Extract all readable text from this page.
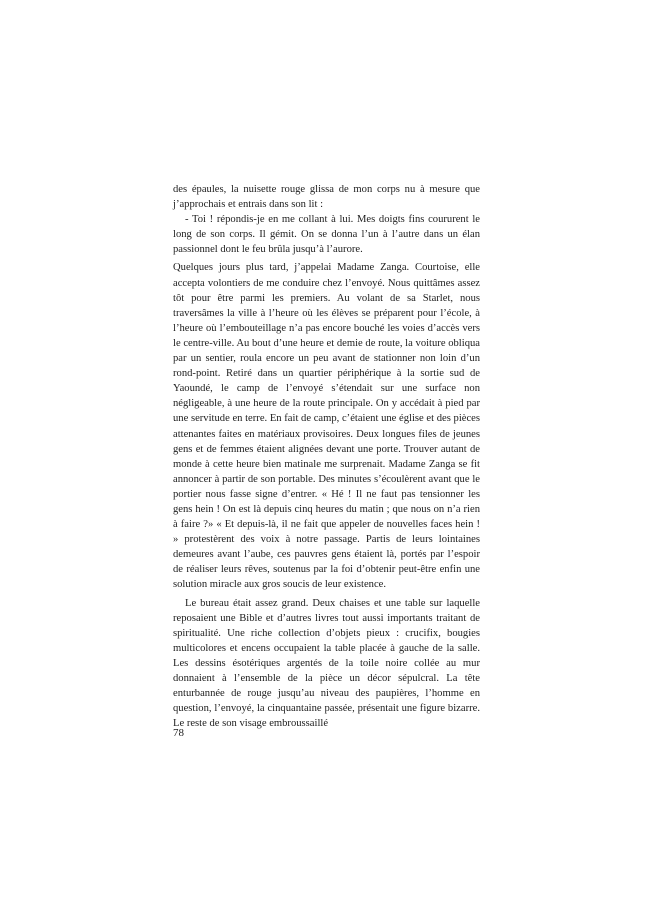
des épaules, la nuisette rouge glissa de mon corps nu à mesure que j’approchais et entrais dans son lit :

- Toi ! répondis-je en me collant à lui. Mes doigts fins coururent le long de son corps. Il gémit. On se donna l’un à l’autre dans un élan passionnel dont le feu brûla jusqu’à l’aurore.

Quelques jours plus tard, j’appelai Madame Zanga. Courtoise, elle accepta volontiers de me conduire chez l’envoyé. Nous quittâmes assez tôt pour être parmi les premiers. Au volant de sa Starlet, nous traversâmes la ville à l’heure où les élèves se préparent pour l’école, à l’heure où l’embouteillage n’a pas encore bouché les voies d’accès vers le centre-ville. Au bout d’une heure et demie de route, la voiture obliqua par un sentier, roula encore un peu avant de stationner non loin d’un rond-point. Retiré dans un quartier périphérique à la sortie sud de Yaoundé, le camp de l’envoyé s’étendait sur une surface non négligeable, à une heure de la route principale. On y accédait à pied par une servitude en terre. En fait de camp, c’étaient une église et des pièces attenantes faites en matériaux provisoires. Deux longues files de jeunes gens et de femmes étaient alignées devant une porte. Trouver autant de monde à cette heure bien matinale me surprenait. Madame Zanga se fit annoncer à partir de son portable. Des minutes s’écoulèrent avant que le portier nous fasse signe d’entrer. « Hé ! Il ne faut pas tensionner les gens hein ! On est là depuis cinq heures du matin ; que nous on n’a rien à faire ?» « Et depuis-là, il ne fait que appeler de nouvelles faces hein ! » protestèrent des voix à notre passage. Partis de leurs lointaines demeures avant l’aube, ces pauvres gens étaient là, portés par l’espoir de réaliser leurs rêves, soutenus par la foi d’obtenir peut-être enfin une solution miracle aux gros soucis de leur existence.

Le bureau était assez grand. Deux chaises et une table sur laquelle reposaient une Bible et d’autres livres tout aussi importants traitant de spiritualité. Une riche collection d’objets pieux : crucifix, bougies multicolores et encens occupaient la table placée à gauche de la salle. Les dessins ésotériques argentés de la toile noire collée au mur donnaient à l’ensemble de la pièce un décor sépulcral. La tête enturbannée de rouge jusqu’au niveau des paupières, l’homme en question, l’envoyé, la cinquantaine passée, présentait une figure bizarre. Le reste de son visage embroussaillé

78
